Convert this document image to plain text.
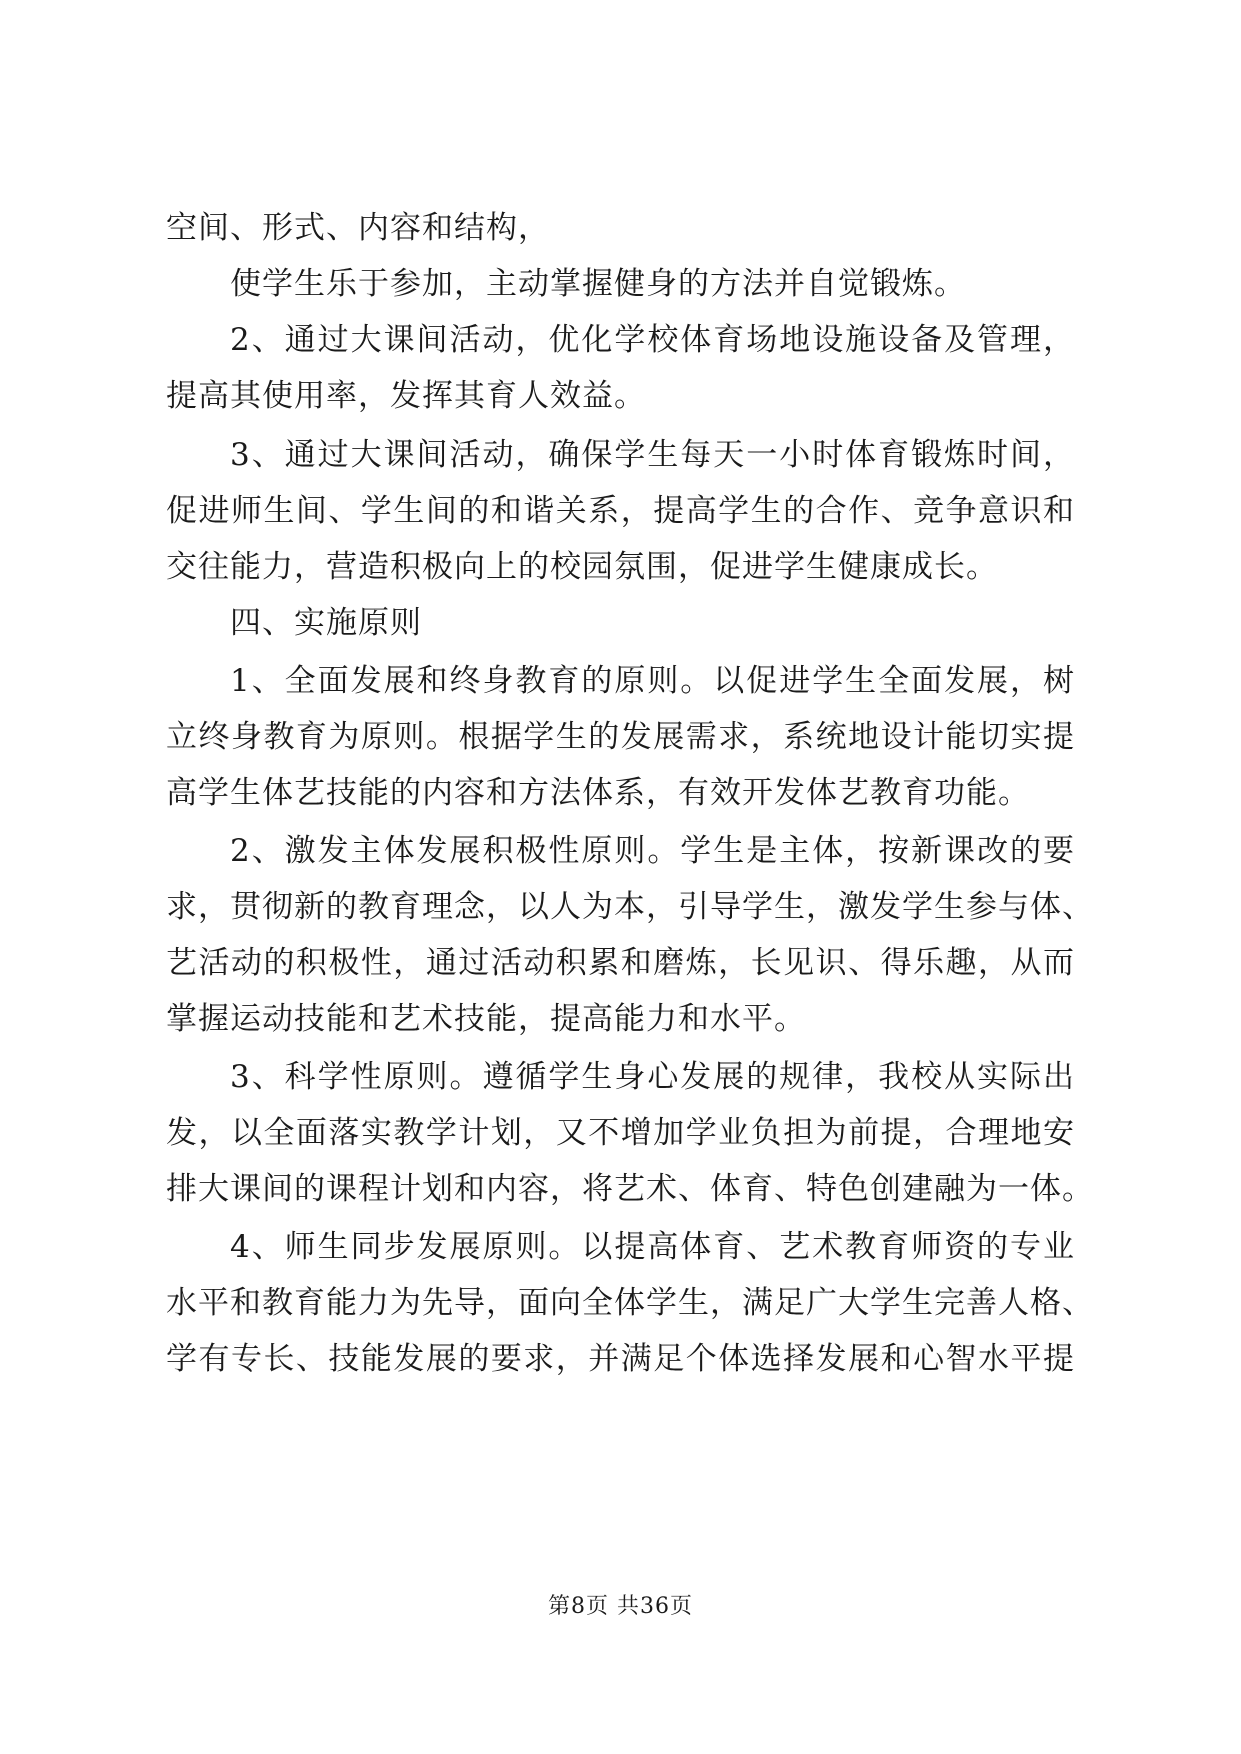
空间、形式、内容和结构，
使学生乐于参加，主动掌握健身的方法并自觉锻炼。
2、通过大课间活动，优化学校体育场地设施设备及管理，
提高其使用率，发挥其育人效益。
3、通过大课间活动，确保学生每天一小时体育锻炼时间，
促进师生间、学生间的和谐关系，提高学生的合作、竞争意识和
交往能力，营造积极向上的校园氛围，促进学生健康成长。
四、实施原则
1、全面发展和终身教育的原则。以促进学生全面发展，树
立终身教育为原则。根据学生的发展需求，系统地设计能切实提
高学生体艺技能的内容和方法体系，有效开发体艺教育功能。
2、激发主体发展积极性原则。学生是主体，按新课改的要
求，贯彻新的教育理念，以人为本，引导学生，激发学生参与体、
艺活动的积极性，通过活动积累和磨炼，长见识、得乐趣，从而
掌握运动技能和艺术技能，提高能力和水平。
3、科学性原则。遵循学生身心发展的规律，我校从实际出
发，以全面落实教学计划，又不增加学业负担为前提，合理地安
排大课间的课程计划和内容，将艺术、体育、特色创建融为一体。
4、师生同步发展原则。以提高体育、艺术教育师资的专业
水平和教育能力为先导，面向全体学生，满足广大学生完善人格、
学有专长、技能发展的要求，并满足个体选择发展和心智水平提
第8页 共36页
